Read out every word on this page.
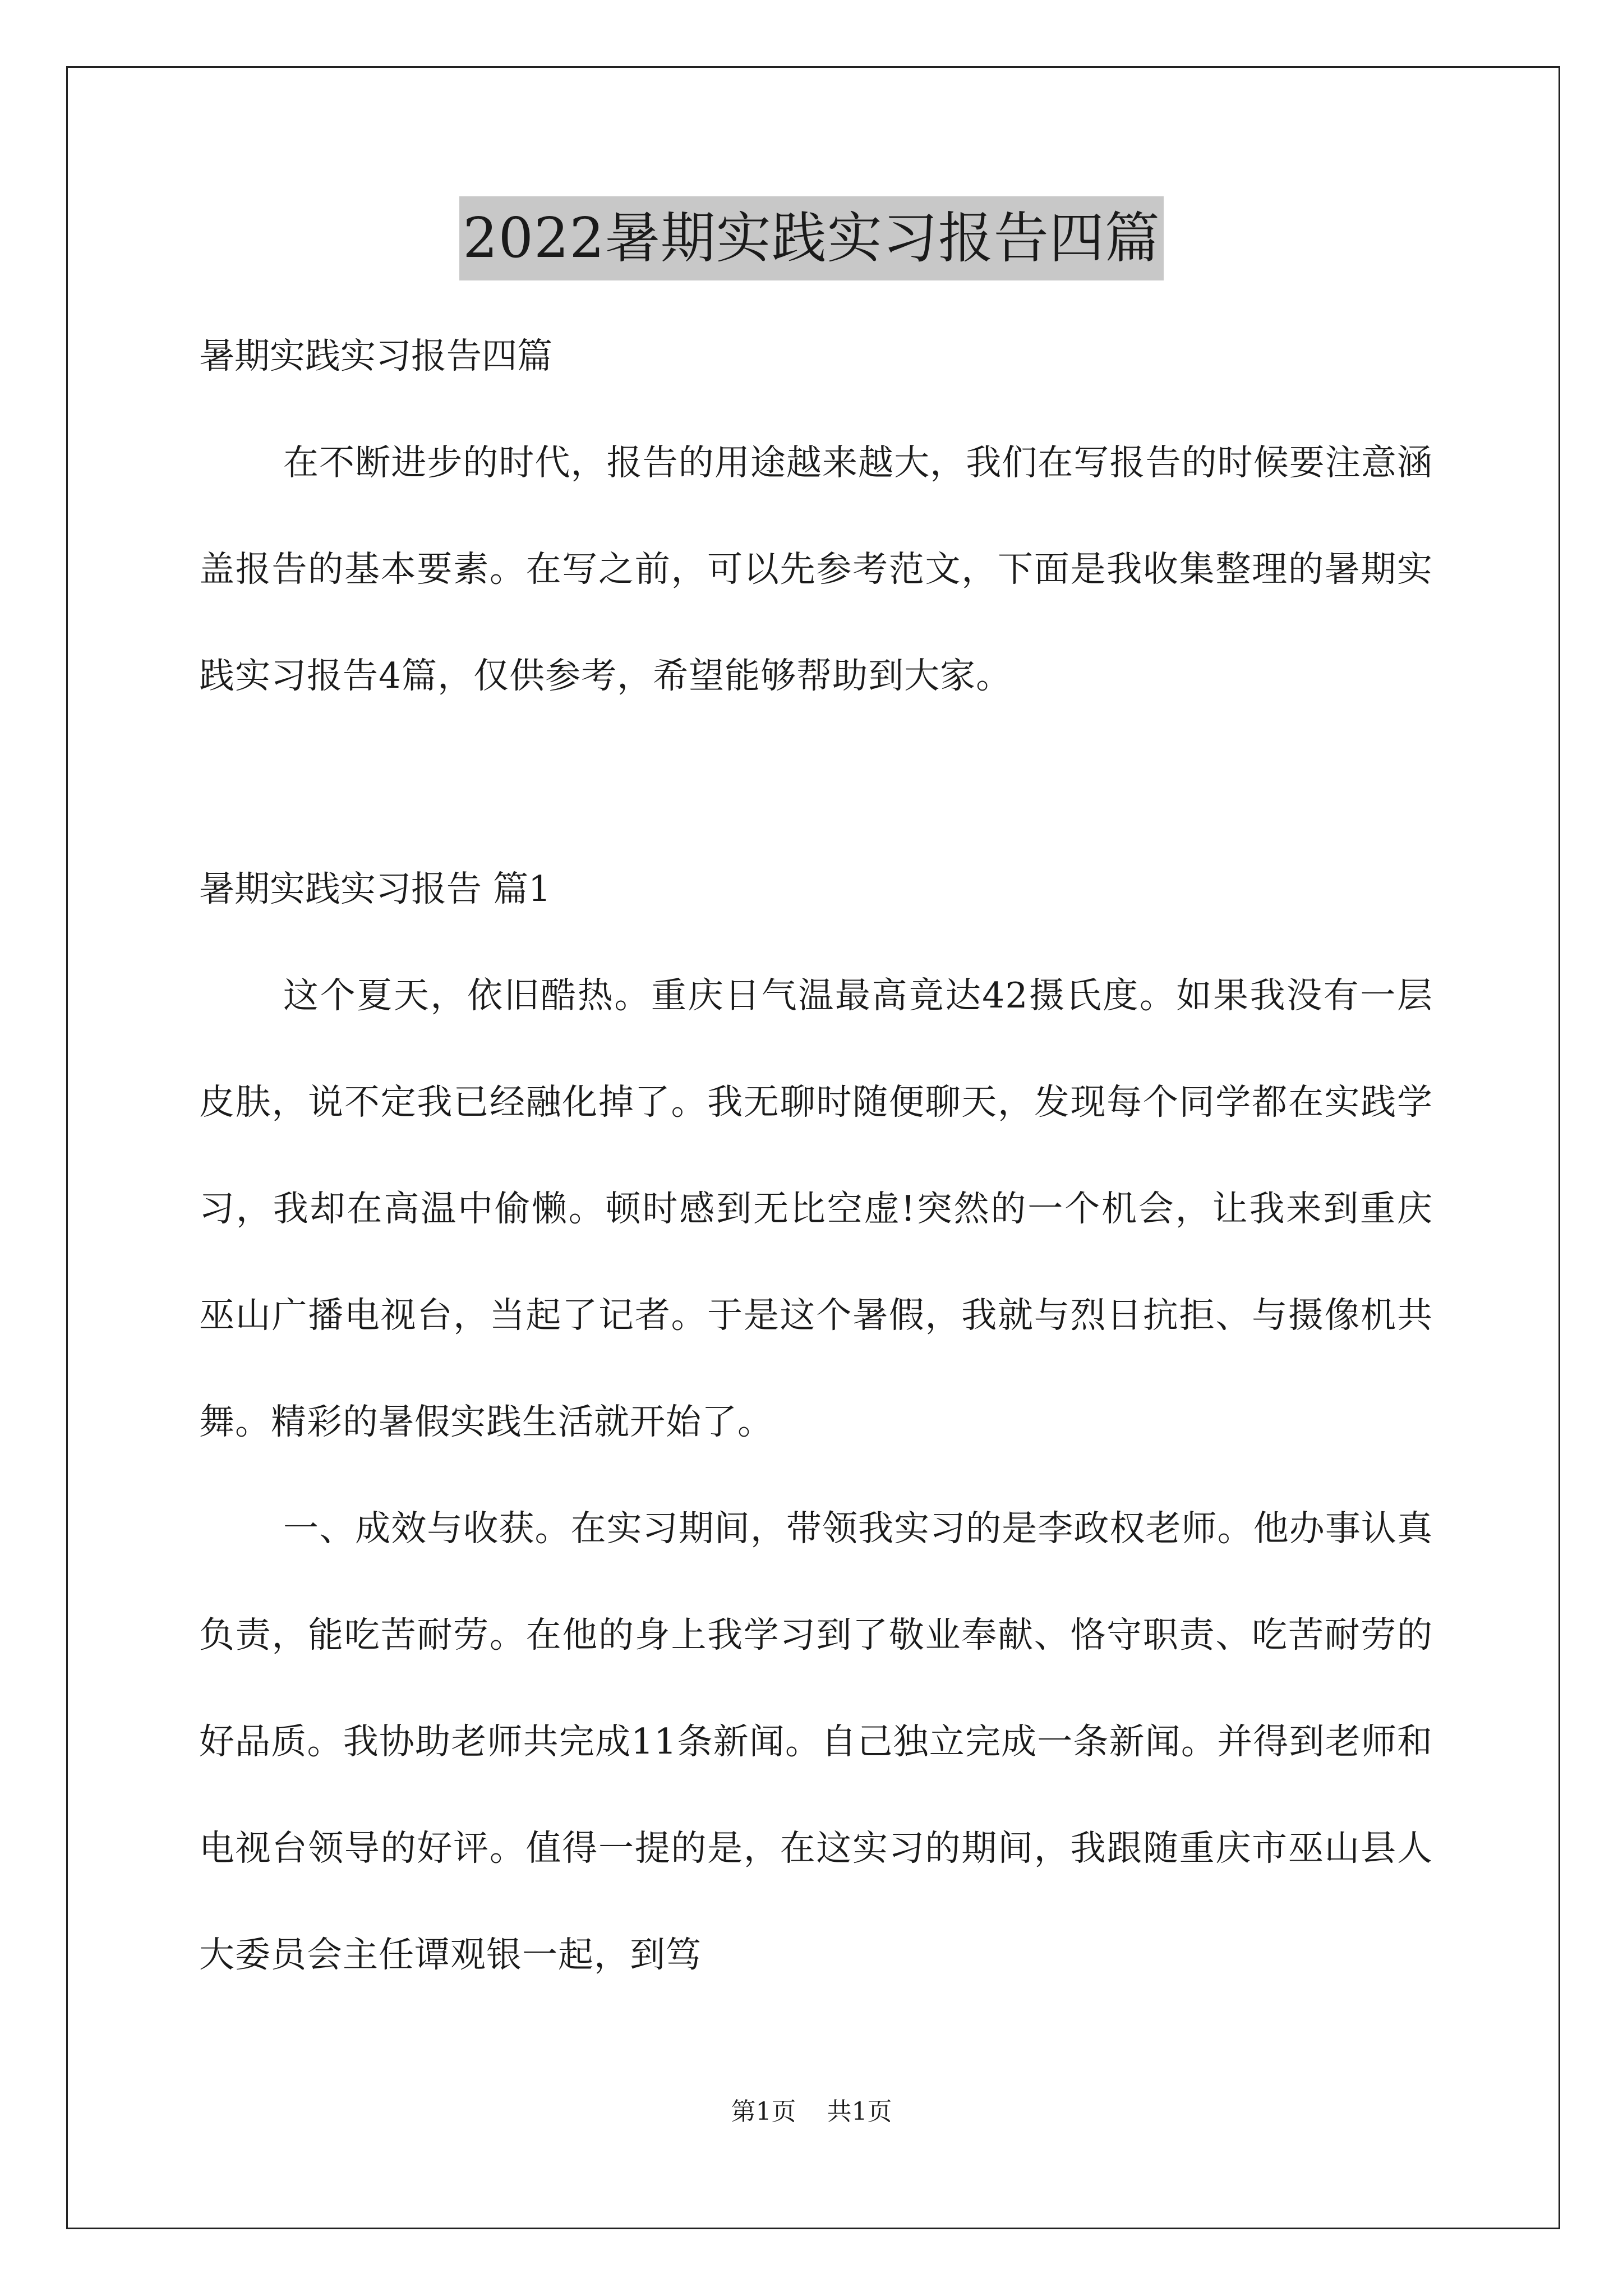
2022暑期实践实习报告四篇

暑期实践实习报告四篇

在不断进步的时代，报告的用途越来越大，我们在写报告的时候要注意涵盖报告的基本要素。在写之前，可以先参考范文，下面是我收集整理的暑期实践实习报告4篇，仅供参考，希望能够帮助到大家。

暑期实践实习报告 篇1

这个夏天，依旧酷热。重庆日气温最高竟达42摄氏度。如果我没有一层皮肤，说不定我已经融化掉了。我无聊时随便聊天，发现每个同学都在实践学习，我却在高温中偷懒。顿时感到无比空虚!突然的一个机会，让我来到重庆巫山广播电视台，当起了记者。于是这个暑假，我就与烈日抗拒、与摄像机共舞。精彩的暑假实践生活就开始了。

一、成效与收获。在实习期间，带领我实习的是李政权老师。他办事认真负责，能吃苦耐劳。在他的身上我学习到了敬业奉献、恪守职责、吃苦耐劳的好品质。我协助老师共完成11条新闻。自己独立完成一条新闻。并得到老师和电视台领导的好评。值得一提的是，在这实习的期间，我跟随重庆市巫山县人大委员会主任谭观银一起，到笃

第1页 共1页
